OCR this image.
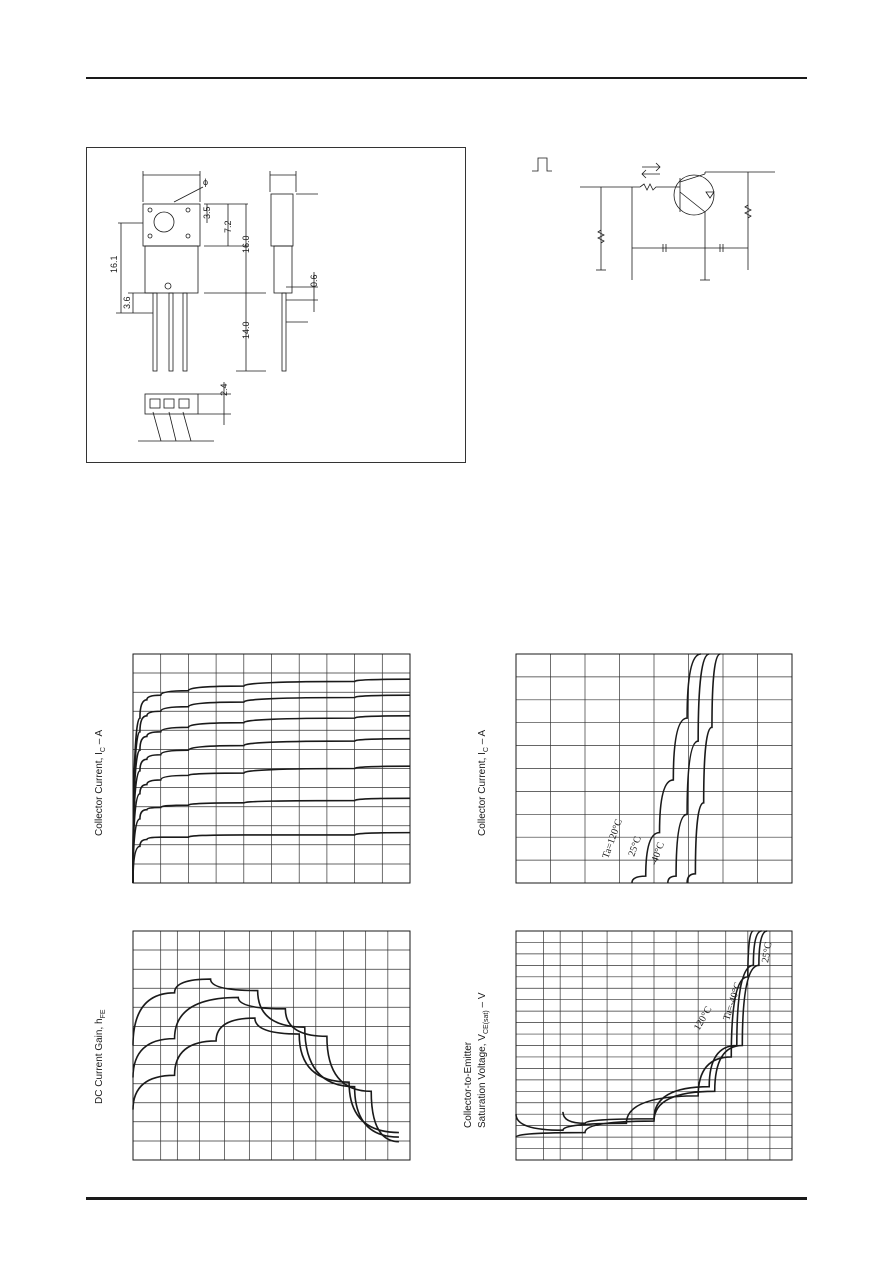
ϕ
3.5
7.2
16.0
16.1
3.6
0.6
14.0
2.4
Collector Current, $I_C$ – A
Ta=120°C 25°C -40°C
Collector Current, $I_C$ – A
DC Current Gain, $h_{FE}$	120°C Ta=-40°C
25°C
Collector-to-Emitter Saturation Voltage, $V_{CE(sat)}$ – V
